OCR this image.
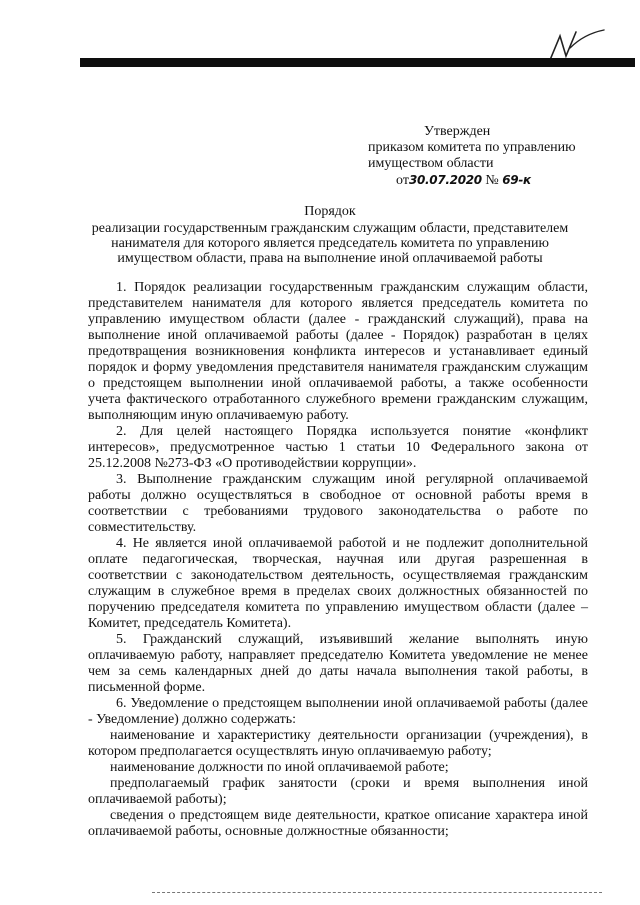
Утвержден
приказом комитета по управлению
имуществом области
от30.07.2020 № 69-к
Порядок
реализации государственным гражданским служащим области, представителем
нанимателя для которого является председатель комитета по управлению
имуществом области, права на выполнение иной оплачиваемой работы

1. Порядок реализации государственным гражданским служащим области, представителем нанимателя для которого является председатель комитета по управлению имуществом области (далее - гражданский служащий), права на выполнение иной оплачиваемой работы (далее - Порядок) разработан в целях предотвращения возникновения конфликта интересов и устанавливает единый порядок и форму уведомления представителя нанимателя гражданским служащим о предстоящем выполнении иной оплачиваемой работы, а также особенности учета фактического отработанного служебного времени гражданским служащим, выполняющим иную оплачиваемую работу.

2. Для целей настоящего Порядка используется понятие «конфликт интересов», предусмотренное частью 1 статьи 10 Федерального закона от 25.12.2008 №273-ФЗ «О противодействии коррупции».

3. Выполнение гражданским служащим иной регулярной оплачиваемой работы должно осуществляться в свободное от основной работы время в соответствии с требованиями трудового законодательства о работе по совместительству.

4. Не является иной оплачиваемой работой и не подлежит дополнительной оплате педагогическая, творческая, научная или другая разрешенная в соответствии с законодательством деятельность, осуществляемая гражданским служащим в служебное время в пределах своих должностных обязанностей по поручению председателя комитета по управлению имуществом области (далее – Комитет, председатель Комитета).

5. Гражданский служащий, изъявивший желание выполнять иную оплачиваемую работу, направляет председателю Комитета уведомление не менее чем за семь календарных дней до даты начала выполнения такой работы, в письменной форме.

6. Уведомление о предстоящем выполнении иной оплачиваемой работы (далее - Уведомление) должно содержать:

наименование и характеристику деятельности организации (учреждения), в котором предполагается осуществлять иную оплачиваемую работу;

наименование должности по иной оплачиваемой работе;

предполагаемый график занятости (сроки и время выполнения иной оплачиваемой работы);

сведения о предстоящем виде деятельности, краткое описание характера иной оплачиваемой работы, основные должностные обязанности;
